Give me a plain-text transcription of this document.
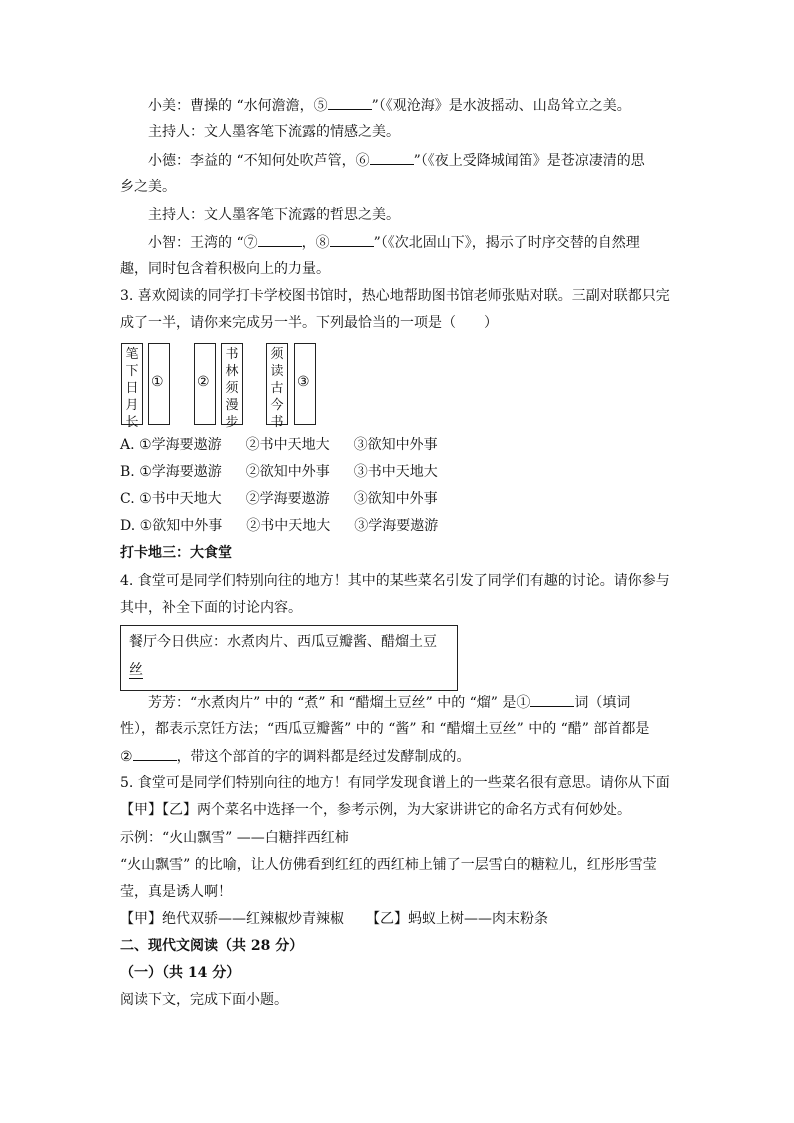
小美：曹操的 “水何澹澹，⑤	”（《观沧海》是水波摇动、山岛耸立之美。
主持人：文人墨客笔下流露的情感之美。
小德：李益的 “不知何处吹芦管，⑥	”（《夜上受降城闻笛》是苍凉凄清的思
乡之美。
主持人：文人墨客笔下流露的哲思之美。
小智：王湾的 “⑦	，⑧	”（《次北固山下》，揭示了时序交替的自然理
趣，同时包含着积极向上的力量。
3. 喜欢阅读的同学打卡学校图书馆时，热心地帮助图书馆老师张贴对联。三副对联都只完
成了一半，请你来完成另一半。下列最恰当的一项是（　　）
笔下日月长
① ②
书林须漫步
须读古今书
③
A. ①学海要遨游 ②书中天地大 ③欲知中外事
B. ①学海要遨游 ②欲知中外事 ③书中天地大
C. ①书中天地大 ②学海要遨游 ③欲知中外事
D. ①欲知中外事 ②书中天地大 ③学海要遨游
打卡地三：大食堂
4. 食堂可是同学们特别向往的地方！其中的某些菜名引发了同学们有趣的讨论。请你参与
其中，补全下面的讨论内容。
餐厅今日供应：水煮肉片、西瓜豆瓣酱、醋熘土豆
丝
芳芳：“水煮肉片” 中的 “煮” 和 “醋熘土豆丝” 中的 “熘” 是①	词（填词
性），都表示烹饪方法；“西瓜豆瓣酱” 中的 “酱” 和 “醋熘土豆丝” 中的 “醋” 部首都是
②	，带这个部首的字的调料都是经过发酵制成的。
5. 食堂可是同学们特别向往的地方！有同学发现食谱上的一些菜名很有意思。请你从下面
【甲】【乙】两个菜名中选择一个，参考示例，为大家讲讲它的命名方式有何妙处。
示例：“火山飘雪” ——白糖拌西红柿
“火山飘雪” 的比喻，让人仿佛看到红红的西红柿上铺了一层雪白的糖粒儿，红彤彤雪莹
莹，真是诱人啊！
【甲】绝代双骄——红辣椒炒青辣椒 【乙】蚂蚁上树——肉末粉条
二、现代文阅读（共 28 分）
（一）（共 14 分）
阅读下文，完成下面小题。
